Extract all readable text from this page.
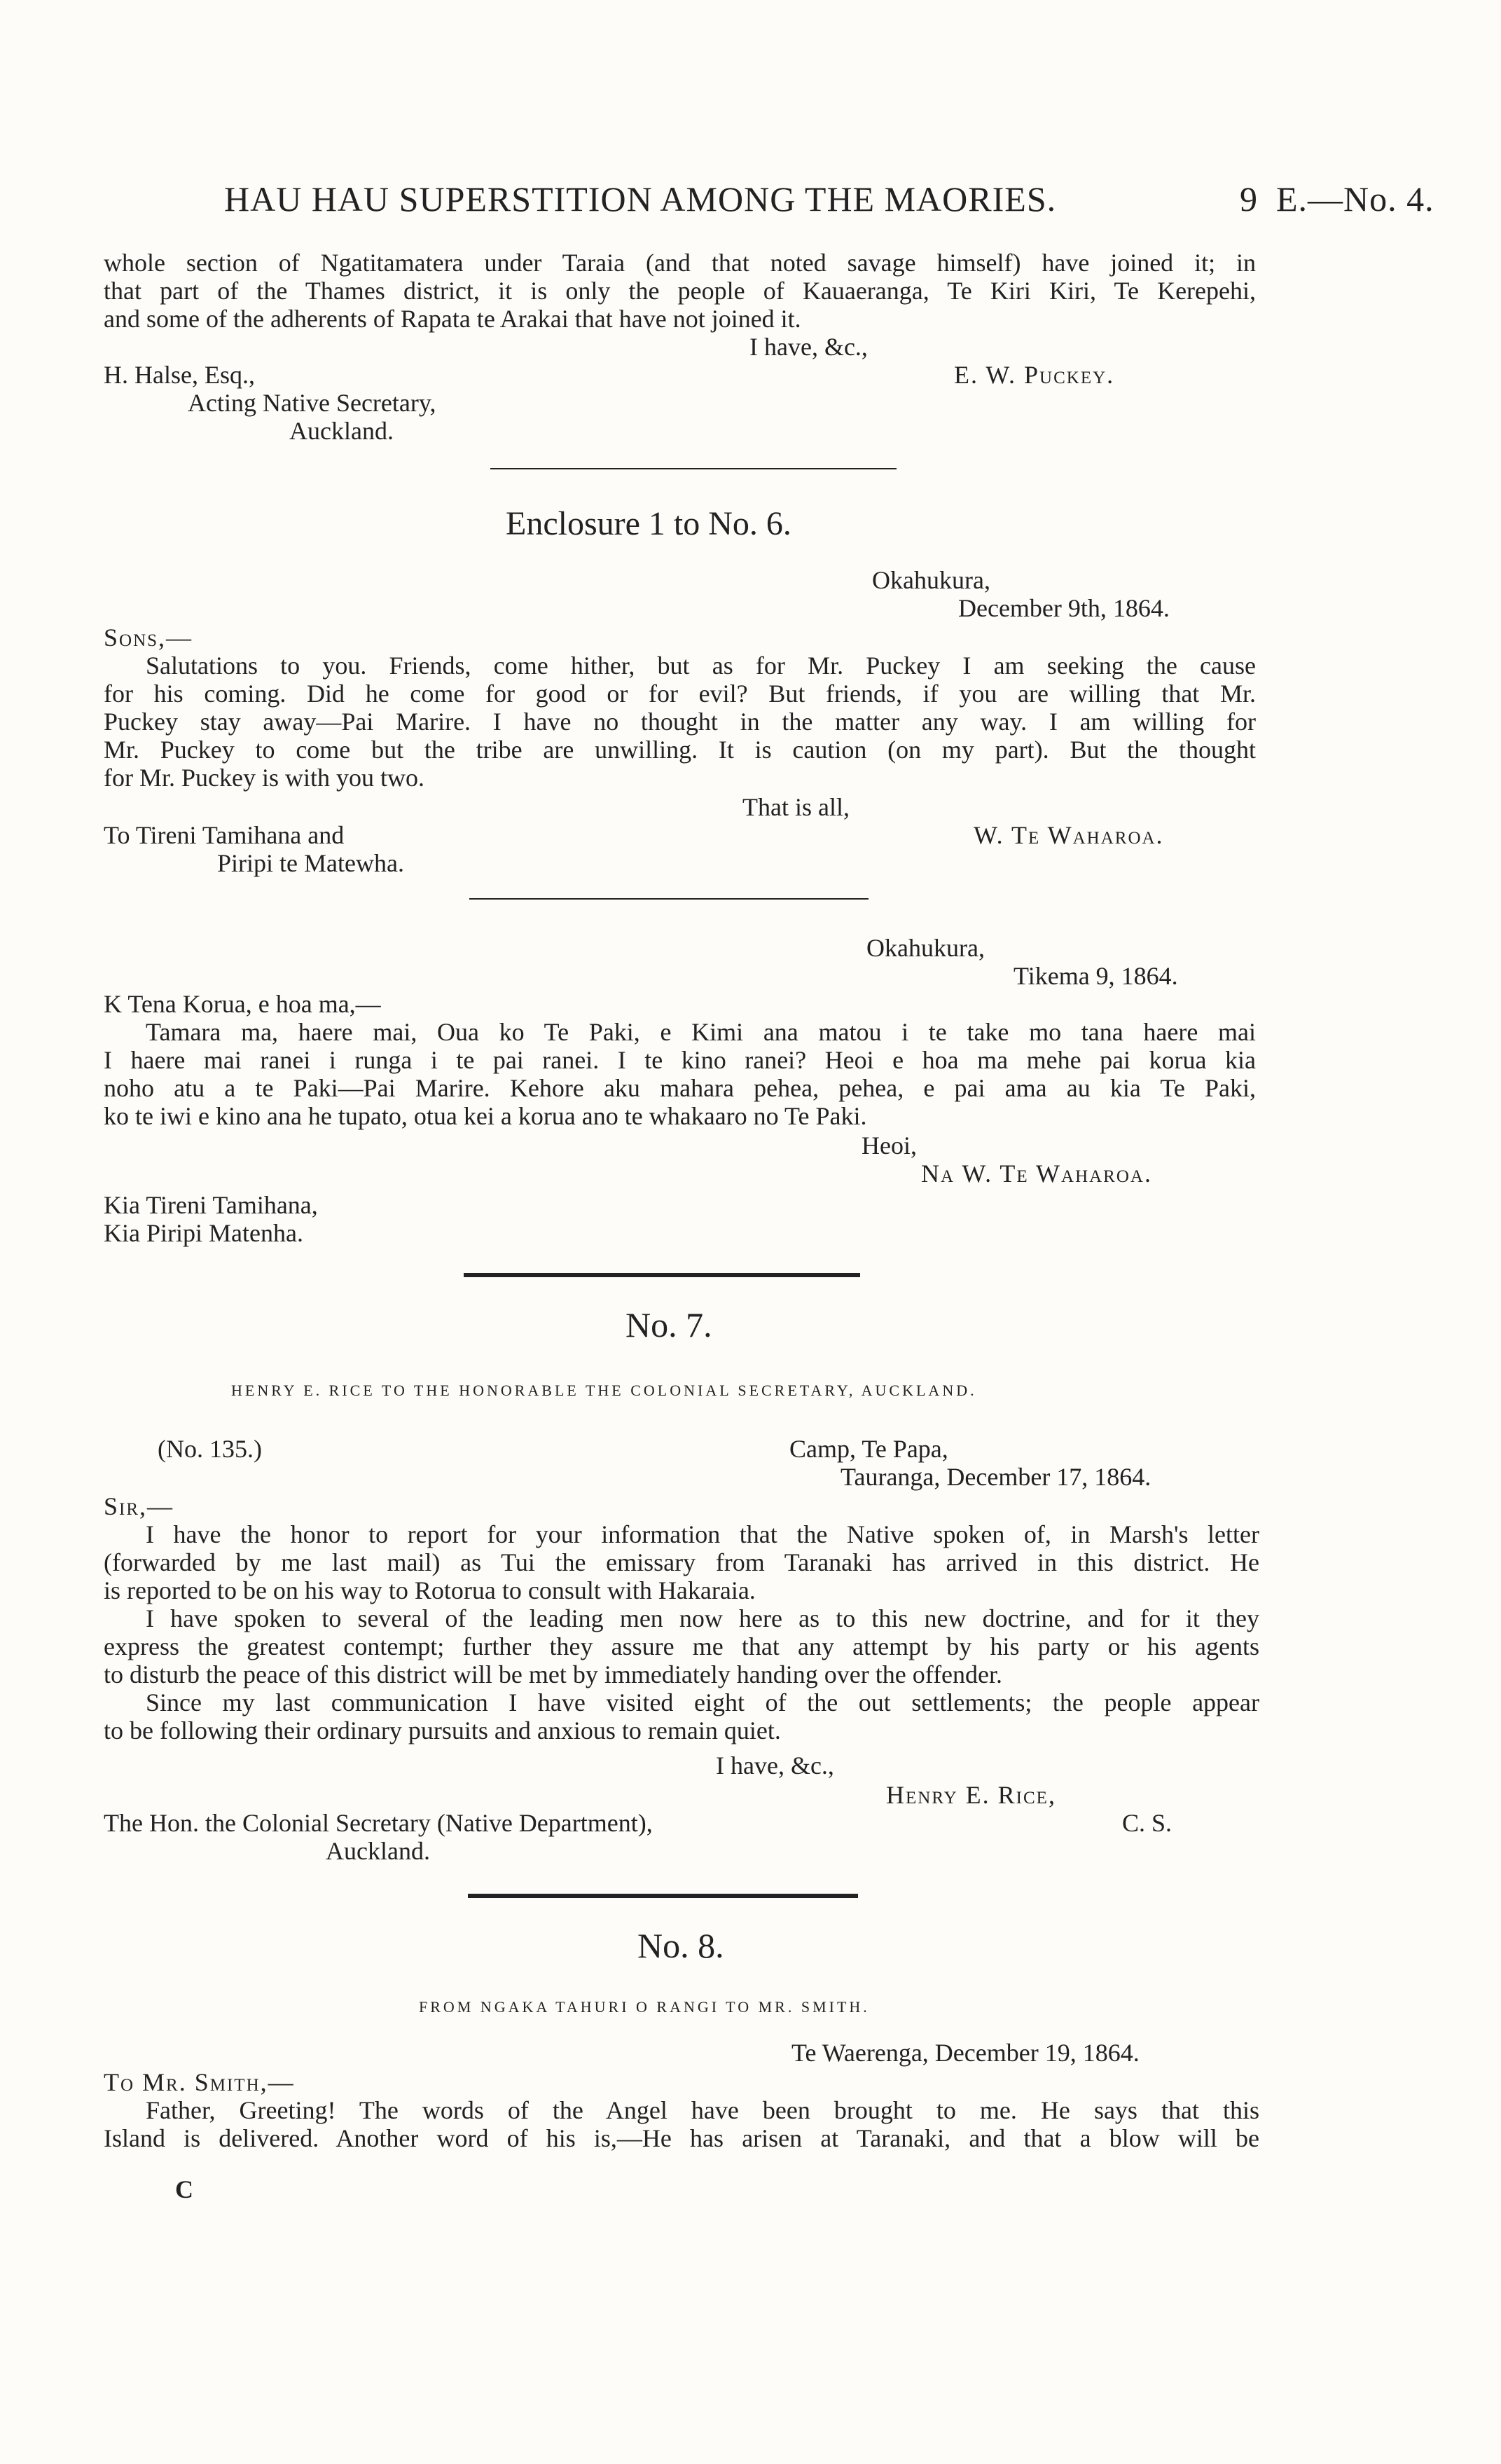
HAU HAU SUPERSTITION AMONG THE MAORIES.	9 E.—No. 4.

whole section of Ngatitamatera under Taraia (and that noted savage himself) have joined it; in

that part of the Thames district, it is only the people of Kauaeranga, Te Kiri Kiri, Te Kerepehi,

and some of the adherents of Rapata te Arakai that have not joined it.

I have, &c.,
H. Halse, Esq.,
Acting Native Secretary,
Auckland.
E. W. Puckey.
Enclosure 1 to No. 6.
Okahukura,
December 9th, 1864.
Sons,—

Salutations to you. Friends, come hither, but as for Mr. Puckey I am seeking the cause

for his coming. Did he come for good or for evil? But friends, if you are willing that Mr.

Puckey stay away—Pai Marire. I have no thought in the matter any way. I am willing for

Mr. Puckey to come but the tribe are unwilling. It is caution (on my part). But the thought

for Mr. Puckey is with you two.

That is all,
To Tireni Tamihana and
Piripi te Matewha.
W. Te Waharoa.
Okahukura,
Tikema 9, 1864.
K Tena Korua, e hoa ma,—

Tamara ma, haere mai, Oua ko Te Paki, e Kimi ana matou i te take mo tana haere mai

I haere mai ranei i runga i te pai ranei. I te kino ranei? Heoi e hoa ma mehe pai korua kia

noho atu a te Paki—Pai Marire. Kehore aku mahara pehea, pehea, e pai ama au kia Te Paki,

ko te iwi e kino ana he tupato, otua kei a korua ano te whakaaro no Te Paki.

Heoi,
Na W. Te Waharoa.
Kia Tireni Tamihana,
Kia Piripi Matenha.
No. 7.
HENRY E. RICE TO THE HONORABLE THE COLONIAL SECRETARY, AUCKLAND.
(No. 135.)	Camp, Te Papa,
Tauranga, December 17, 1864.
Sir,—

I have the honor to report for your information that the Native spoken of, in Marsh's letter

(forwarded by me last mail) as Tui the emissary from Taranaki has arrived in this district. He

is reported to be on his way to Rotorua to consult with Hakaraia.

I have spoken to several of the leading men now here as to this new doctrine, and for it they

express the greatest contempt; further they assure me that any attempt by his party or his agents

to disturb the peace of this district will be met by immediately handing over the offender.

Since my last communication I have visited eight of the out settlements; the people appear

to be following their ordinary pursuits and anxious to remain quiet.

I have, &c.,
Henry E. Rice,
The Hon. the Colonial Secretary (Native Department),	C. S.
Auckland.
No. 8.
FROM NGAKA TAHURI O RANGI TO MR. SMITH.
Te Waerenga, December 19, 1864.
To Mr. Smith,—

Father, Greeting! The words of the Angel have been brought to me. He says that this

Island is delivered. Another word of his is,—He has arisen at Taranaki, and that a blow will be

C
